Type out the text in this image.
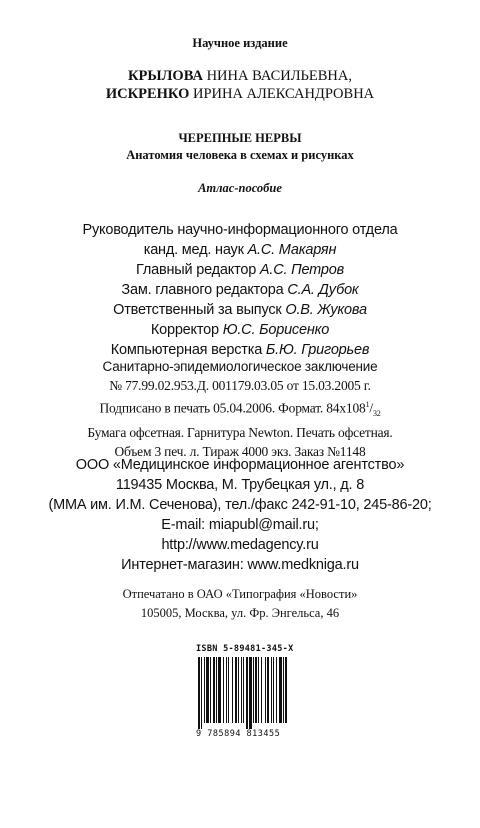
Научное издание
КРЫЛОВА НИНА ВАСИЛЬЕВНА,
ИСКРЕНКО ИРИНА АЛЕКСАНДРОВНА
ЧЕРЕПНЫЕ НЕРВЫ
Анатомия человека в схемах и рисунках
Атлас-пособие
Руководитель научно-информационного отдела
канд. мед. наук А.С. Макарян
Главный редактор А.С. Петров
Зам. главного редактора С.А. Дубок
Ответственный за выпуск О.В. Жукова
Корректор Ю.С. Борисенко
Компьютерная верстка Б.Ю. Григорьев
Санитарно-эпидемиологическое заключение
№ 77.99.02.953.Д. 001179.03.05 от 15.03.2005 г.
Подписано в печать 05.04.2006. Формат. $84х108^1/_{32}$
Бумага офсетная. Гарнитура Newton. Печать офсетная.
Объем 3 печ. л. Тираж 4000 экз. Заказ №1148
ООО «Медицинское информационное агентство»
119435 Москва, М. Трубецкая ул., д. 8
(ММА им. И.М. Сеченова), тел./факс 242-91-10, 245-86-20;
E-mail: miapubl@mail.ru;
http://www.medagency.ru
Интернет-магазин: www.medkniga.ru
Отпечатано в ОАО «Типография «Новости»
105005, Москва, ул. Фр. Энгельса, 46
ISBN 5-89481-345-X
9 785894 813455
